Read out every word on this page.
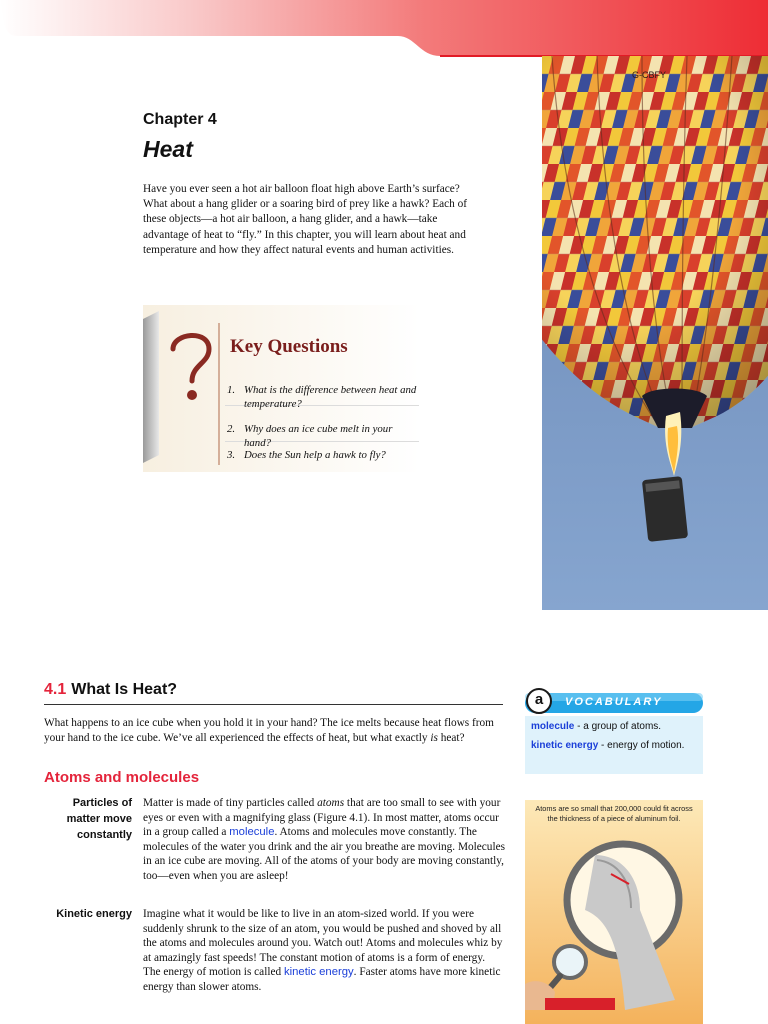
G-CBFY
Chapter 4
Heat
Have you ever seen a hot air balloon float high above Earth’s surface? What about a hang glider or a soaring bird of prey like a hawk? Each of these objects—a hot air balloon, a hang glider, and a hawk—take advantage of heat to “fly.” In this chapter, you will learn about heat and temperature and how they affect natural events and human activities.
Key Questions
1. What is the difference between heat and temperature?
2. Why does an ice cube melt in your hand?
3. Does the Sun help a hawk to fly?
4.1 What Is Heat?
What happens to an ice cube when you hold it in your hand? The ice melts because heat flows from your hand to the ice cube. We’ve all experienced the effects of heat, but what exactly is heat?
Atoms and molecules
Particles of matter move constantly
Matter is made of tiny particles called atoms that are too small to see with your eyes or even with a magnifying glass (Figure 4.1). In most matter, atoms occur in a group called a molecule. Atoms and molecules move constantly. The molecules of the water you drink and the air you breathe are moving. Molecules in an ice cube are moving. All of the atoms of your body are moving constantly, too—even when you are asleep!
Kinetic energy Imagine what it would be like to live in an atom-sized world. If you were suddenly shrunk to the size of an atom, you would be pushed and shoved by all the atoms and molecules around you. Watch out! Atoms and molecules whiz by at amazingly fast speeds! The constant motion of atoms is a form of energy. The energy of motion is called kinetic energy. Faster atoms have more kinetic energy than slower atoms.
a	VOCABULARY
molecule - a group of atoms.
kinetic energy - energy of motion.
Atoms are so small that 200,000 could fit across the thickness of a piece of aluminum foil.
